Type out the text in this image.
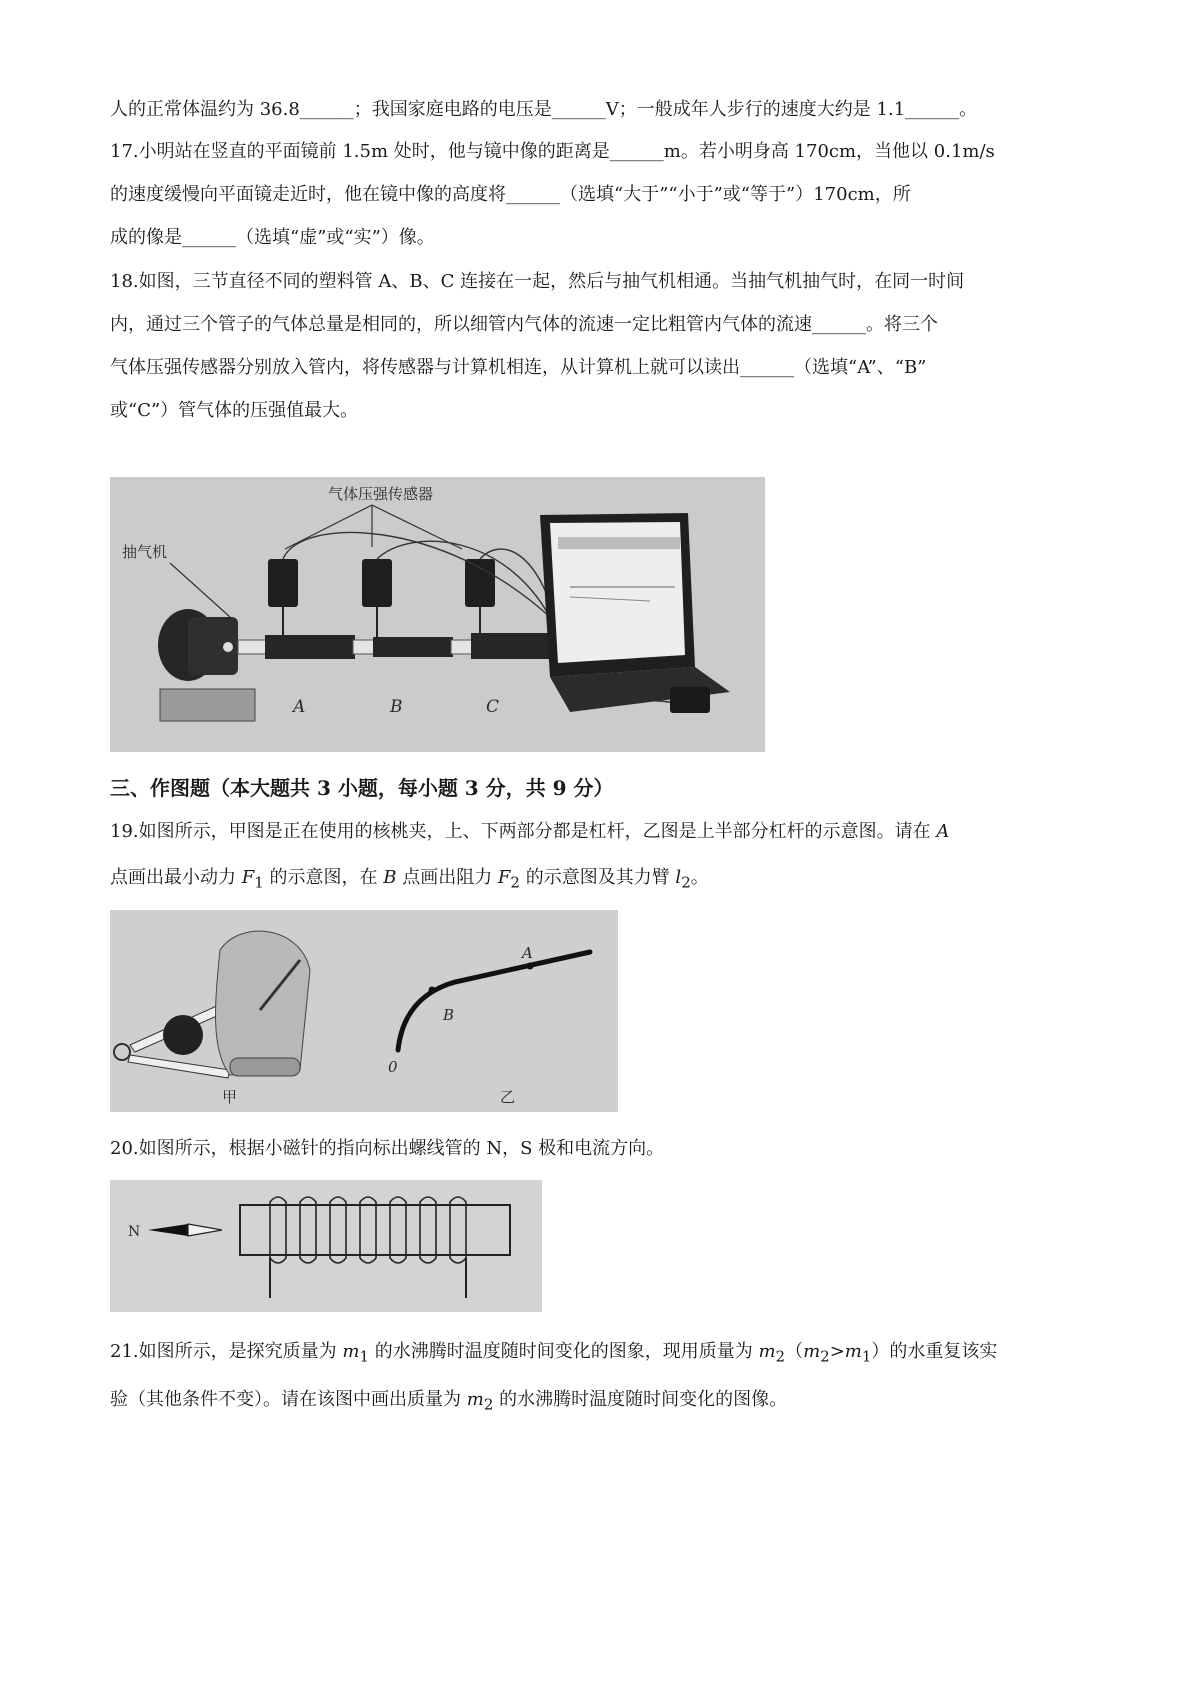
人的正常体温约为 36.8______；我国家庭电路的电压是______V；一般成年人步行的速度大约是 1.1______。
17.小明站在竖直的平面镜前 1.5m 处时，他与镜中像的距离是______m。若小明身高 170cm，当他以 0.1m/s
的速度缓慢向平面镜走近时，他在镜中像的高度将______（选填“大于”“小于”或“等于”）170cm，所
成的像是______（选填“虚”或“实”）像。
18.如图，三节直径不同的塑料管 A、B、C 连接在一起，然后与抽气机相通。当抽气机抽气时，在同一时间
内，通过三个管子的气体总量是相同的，所以细管内气体的流速一定比粗管内气体的流速______。将三个
气体压强传感器分别放入管内，将传感器与计算机相连，从计算机上就可以读出______（选填“A”、“B”
或“C”）管气体的压强值最大。
气体压强传感器
抽气机
A	B	C
三、作图题（本大题共 3 小题，每小题 3 分，共 9 分）
19.如图所示，甲图是正在使用的核桃夹，上、下两部分都是杠杆，乙图是上半部分杠杆的示意图。请在 A
点画出最小动力 $F_1$ 的示意图，在 B 点画出阻力 $F_2$ 的示意图及其力臂 $l_2$。
甲
A
B
0
乙
20.如图所示，根据小磁针的指向标出螺线管的 N，S 极和电流方向。
N
21.如图所示，是探究质量为 $m_1$ 的水沸腾时温度随时间变化的图象，现用质量为 $m_2(m_2>m_1)$的水重复该实
验（其他条件不变）。请在该图中画出质量为 $m_2$ 的水沸腾时温度随时间变化的图像。
